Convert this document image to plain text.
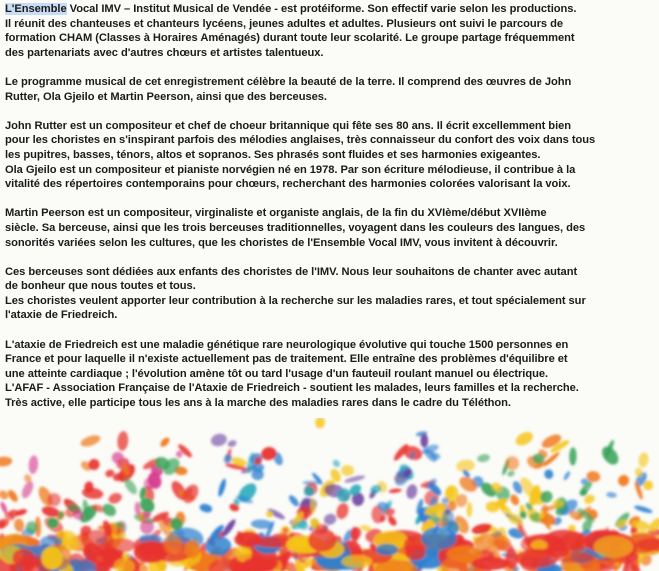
L'Ensemble Vocal IMV – Institut Musical de Vendée - est protéiforme. Son effectif varie selon les productions.
Il réunit des chanteuses et chanteurs lycéens, jeunes adultes et adultes. Plusieurs ont suivi le parcours de
formation CHAM (Classes à Horaires Aménagés) durant toute leur scolarité. Le groupe partage fréquemment
des partenariats avec d'autres chœurs et artistes talentueux.

Le programme musical de cet enregistrement célèbre la beauté de la terre. Il comprend des œuvres de John
Rutter, Ola Gjeilo et Martin Peerson, ainsi que des berceuses.

John Rutter est un compositeur et chef de choeur britannique qui fête ses 80 ans. Il écrit excellemment bien
pour les choristes en s'inspirant parfois des mélodies anglaises, très connaisseur du confort des voix dans tous
les pupitres, basses, ténors, altos et sopranos. Ses phrasés sont fluides et ses harmonies exigeantes.
Ola Gjeilo est un compositeur et pianiste norvégien né en 1978. Par son écriture mélodieuse, il contribue à la
vitalité des répertoires contemporains pour chœurs, recherchant des harmonies colorées valorisant la voix.

Martin Peerson est un compositeur, virginaliste et organiste anglais, de la fin du XVIème/début XVIIème
siècle. Sa berceuse, ainsi que les trois berceuses traditionnelles, voyagent dans les couleurs des langues, des
sonorités variées selon les cultures, que les choristes de l'Ensemble Vocal IMV, vous invitent à découvrir.

Ces berceuses sont dédiées aux enfants des choristes de l'IMV. Nous leur souhaitons de chanter avec autant
de bonheur que nous toutes et tous.
Les choristes veulent apporter leur contribution à la recherche sur les maladies rares, et tout spécialement sur
l'ataxie de Friedreich.

L'ataxie de Friedreich est une maladie génétique rare neurologique évolutive qui touche 1500 personnes en
France et pour laquelle il n'existe actuellement pas de traitement. Elle entraîne des problèmes d'équilibre et
une atteinte cardiaque ; l'évolution amène tôt ou tard l'usage d'un fauteuil roulant manuel ou électrique.
L'AFAF - Association Française de l'Ataxie de Friedreich - soutient les malades, leurs familles et la recherche.
Très active, elle participe tous les ans à la marche des maladies rares dans le cadre du Téléthon.
